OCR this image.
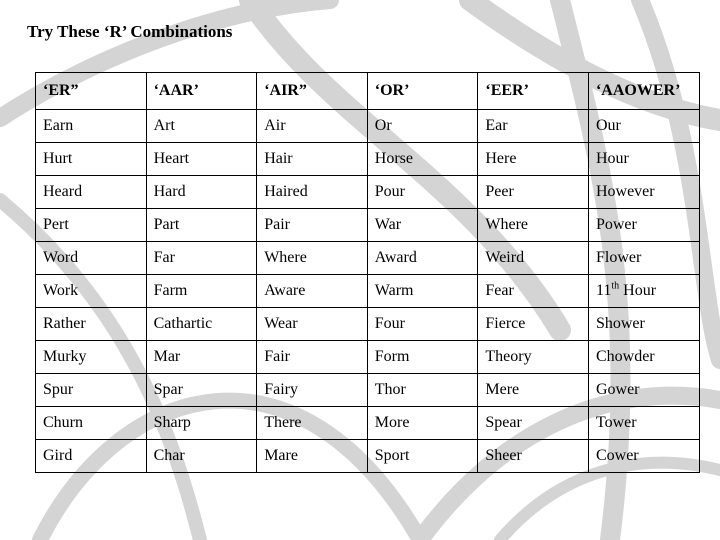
Try These ‘R’ Combinations
‘ER”	‘AAR’	‘AIR”	‘OR’	‘EER’	‘AAOWER’
Earn	Art	Air	Or	Ear	Our
Hurt	Heart	Hair	Horse	Here	Hour
Heard	Hard	Haired	Pour	Peer	However
Pert	Part	Pair	War	Where	Power
Word	Far	Where	Award	Weird	Flower
Work	Farm	Aware	Warm	Fear	11th Hour
Rather	Cathartic	Wear	Four	Fierce	Shower
Murky	Mar	Fair	Form	Theory	Chowder
Spur	Spar	Fairy	Thor	Mere	Gower
Churn	Sharp	There	More	Spear	Tower
Gird	Char	Mare	Sport	Sheer	Cower
